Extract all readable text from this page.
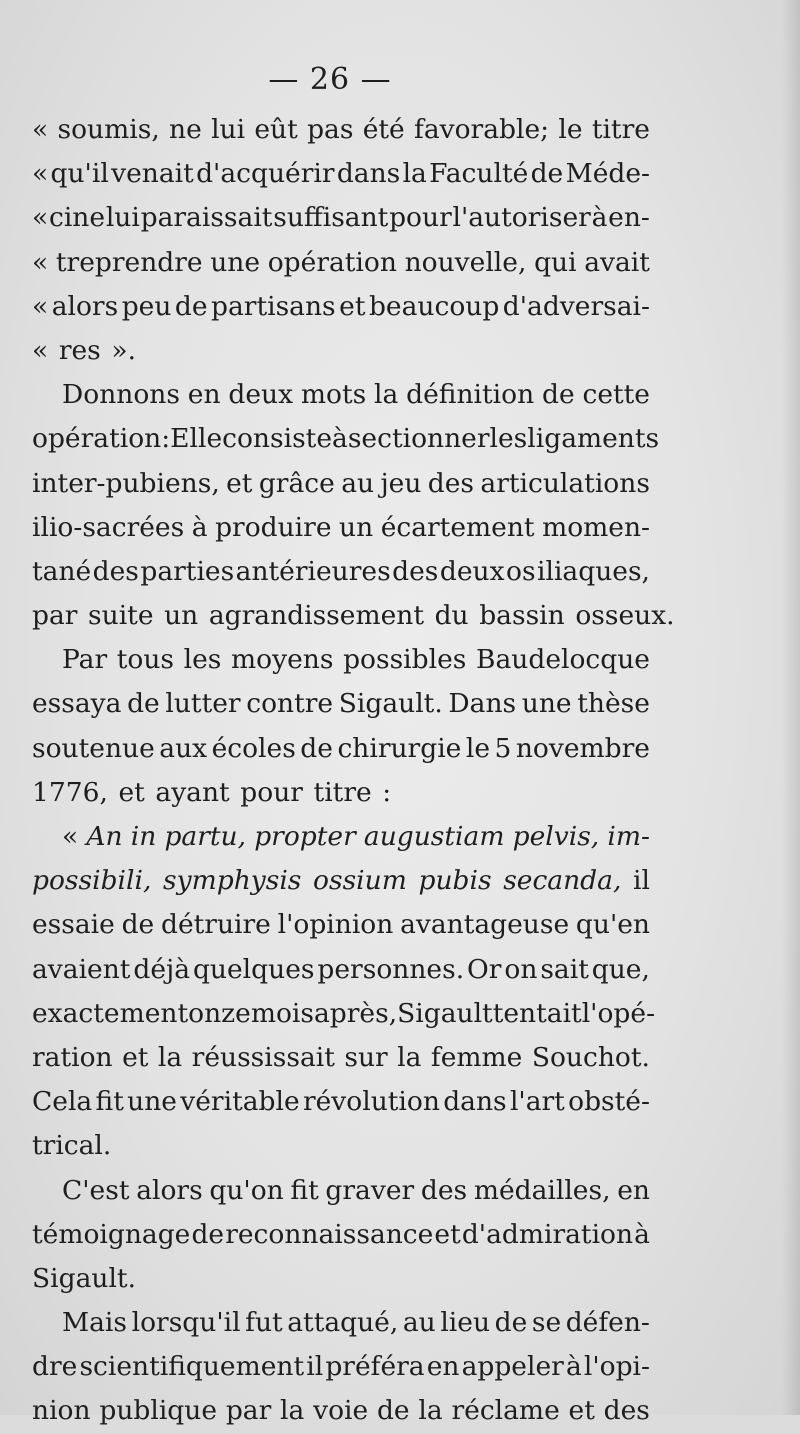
— 26 —
« soumis, ne lui eût pas été favorable; le titre
« qu'il venait d'acquérir dans la Faculté de Méde-
« cine lui paraissait suffisant pour l'autoriser à en-
« treprendre une opération nouvelle, qui avait
« alors peu de partisans et beaucoup d'adversai-
« res ».
Donnons en deux mots la définition de cette
opération : Elle consiste à sectionner les ligaments
inter-pubiens, et grâce au jeu des articulations
ilio-sacrées à produire un écartement momen-
tané des parties antérieures des deux os iliaques,
par suite un agrandissement du bassin osseux.
Par tous les moyens possibles Baudelocque
essaya de lutter contre Sigault. Dans une thèse
soutenue aux écoles de chirurgie le 5 novembre
1776, et ayant pour titre :
« An in partu, propter augustiam pelvis, im-
possibili, symphysis ossium pubis secanda, il
essaie de détruire l'opinion avantageuse qu'en
avaient déjà quelques personnes. Or on sait que,
exactement onze mois après, Sigault tentait l'opé-
ration et la réussissait sur la femme Souchot.
Cela fit une véritable révolution dans l'art obsté-
trical.
C'est alors qu'on fit graver des médailles, en
témoignage de reconnaissance et d'admiration à
Sigault.
Mais lorsqu'il fut attaqué, au lieu de se défen-
dre scientifiquement il préféra en appeler à l'opi-
nion publique par la voie de la réclame et des
